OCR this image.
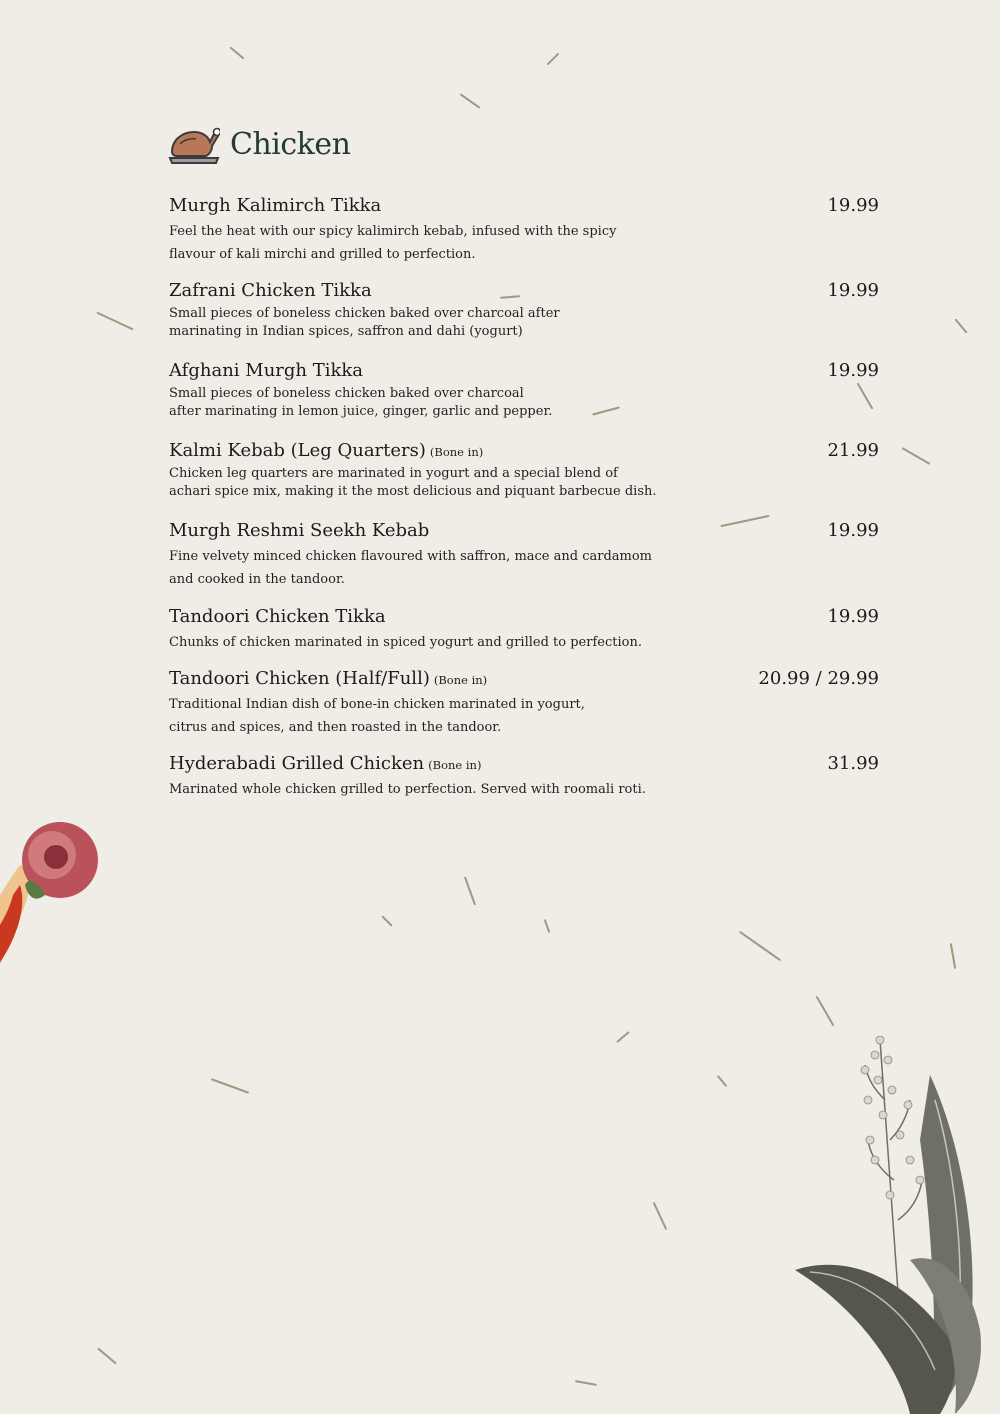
Chicken
Murgh Kalimirch Tikka	19.99
Feel the heat with our spicy kalimirch kebab, infused with the spicy
flavour of kali mirchi and grilled to perfection.
Zafrani Chicken Tikka	19.99
Small pieces of boneless chicken baked over charcoal after
marinating in Indian spices, saffron and dahi (yogurt)
Afghani Murgh Tikka	19.99
Small pieces of boneless chicken baked over charcoal
after marinating in lemon juice, ginger, garlic and pepper.
Kalmi Kebab (Leg Quarters) (Bone in)	21.99
Chicken leg quarters are marinated in yogurt and a special blend of
achari spice mix, making it the most delicious and piquant barbecue dish.
Murgh Reshmi Seekh Kebab	19.99
Fine velvety minced chicken flavoured with saffron, mace and cardamom
and cooked in the tandoor.
Tandoori Chicken Tikka	19.99
Chunks of chicken marinated in spiced yogurt and grilled to perfection.
Tandoori Chicken (Half/Full) (Bone in)	20.99 / 29.99
Traditional Indian dish of bone-in chicken marinated in yogurt,
citrus and spices, and then roasted in the tandoor.
Hyderabadi Grilled Chicken (Bone in)	31.99
Marinated whole chicken grilled to perfection. Served with roomali roti.
